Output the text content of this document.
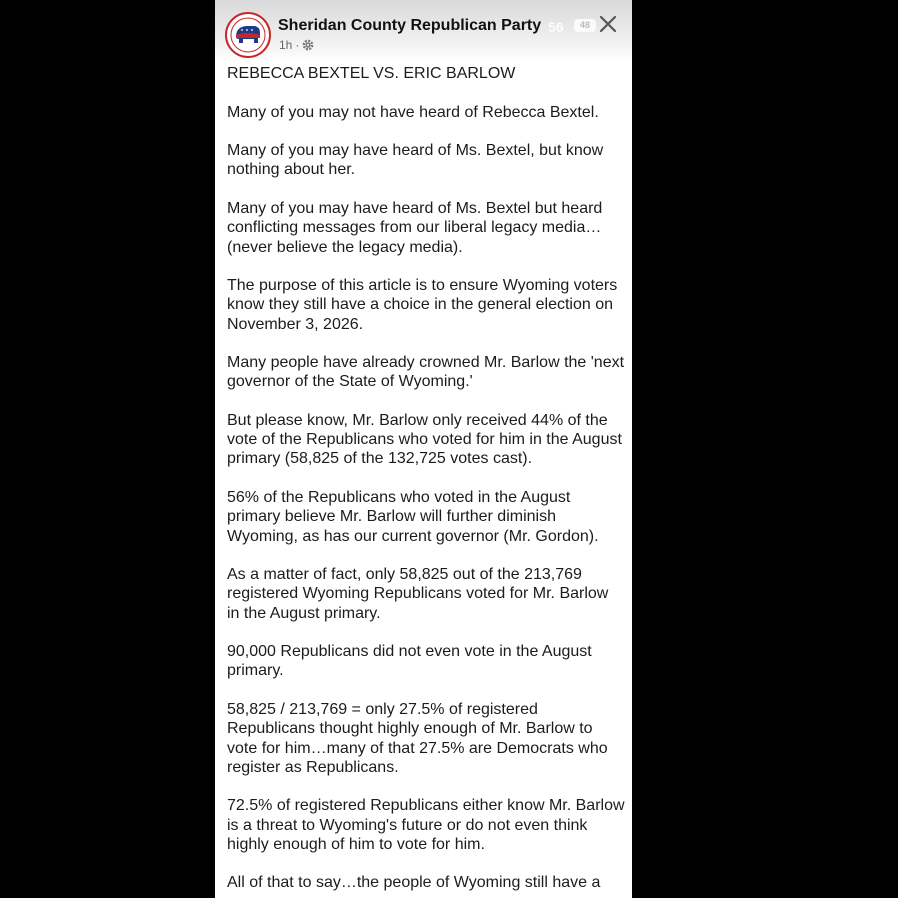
Sheridan County Republican Party
1h ·
56	48

REBECCA BEXTEL VS. ERIC BARLOW

Many of you may not have heard of Rebecca Bextel.

Many of you may have heard of Ms. Bextel, but know nothing about her.

Many of you may have heard of Ms. Bextel but heard conflicting messages from our liberal legacy media… (never believe the legacy media).

The purpose of this article is to ensure Wyoming voters know they still have a choice in the general election on November 3, 2026.

Many people have already crowned Mr. Barlow the 'next governor of the State of Wyoming.'

But please know, Mr. Barlow only received 44% of the vote of the Republicans who voted for him in the August primary (58,825 of the 132,725 votes cast).

56% of the Republicans who voted in the August primary believe Mr. Barlow will further diminish Wyoming, as has our current governor (Mr. Gordon).

As a matter of fact, only 58,825 out of the 213,769 registered Wyoming Republicans voted for Mr. Barlow in the August primary.

90,000 Republicans did not even vote in the August primary.

58,825 / 213,769 = only 27.5% of registered Republicans thought highly enough of Mr. Barlow to vote for him…many of that 27.5% are Democrats who register as Republicans.

72.5% of registered Republicans either know Mr. Barlow is a threat to Wyoming's future or do not even think highly enough of him to vote for him.

All of that to say…the people of Wyoming still have a
